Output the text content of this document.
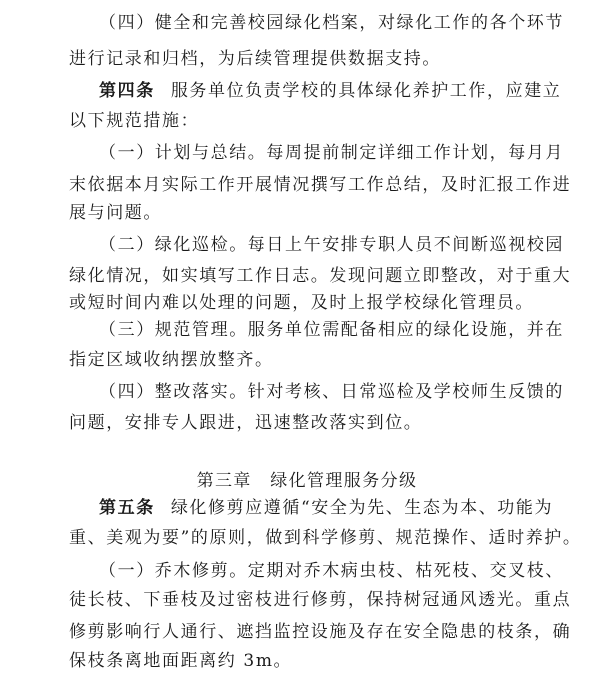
（四）健全和完善校园绿化档案，对绿化工作的各个环节
进行记录和归档，为后续管理提供数据支持。
第四条 服务单位负责学校的具体绿化养护工作，应建立
以下规范措施：
（一）计划与总结。每周提前制定详细工作计划，每月月
末依据本月实际工作开展情况撰写工作总结，及时汇报工作进
展与问题。
（二）绿化巡检。每日上午安排专职人员不间断巡视校园
绿化情况，如实填写工作日志。发现问题立即整改，对于重大
或短时间内难以处理的问题，及时上报学校绿化管理员。
（三）规范管理。服务单位需配备相应的绿化设施，并在
指定区域收纳摆放整齐。
（四）整改落实。针对考核、日常巡检及学校师生反馈的
问题，安排专人跟进，迅速整改落实到位。
第三章　绿化管理服务分级
第五条 绿化修剪应遵循“安全为先、生态为本、功能为
重、美观为要”的原则，做到科学修剪、规范操作、适时养护。
（一）乔木修剪。定期对乔木病虫枝、枯死枝、交叉枝、
徒长枝、下垂枝及过密枝进行修剪，保持树冠通风透光。重点
修剪影响行人通行、遮挡监控设施及存在安全隐患的枝条，确
保枝条离地面距离约 3m。
